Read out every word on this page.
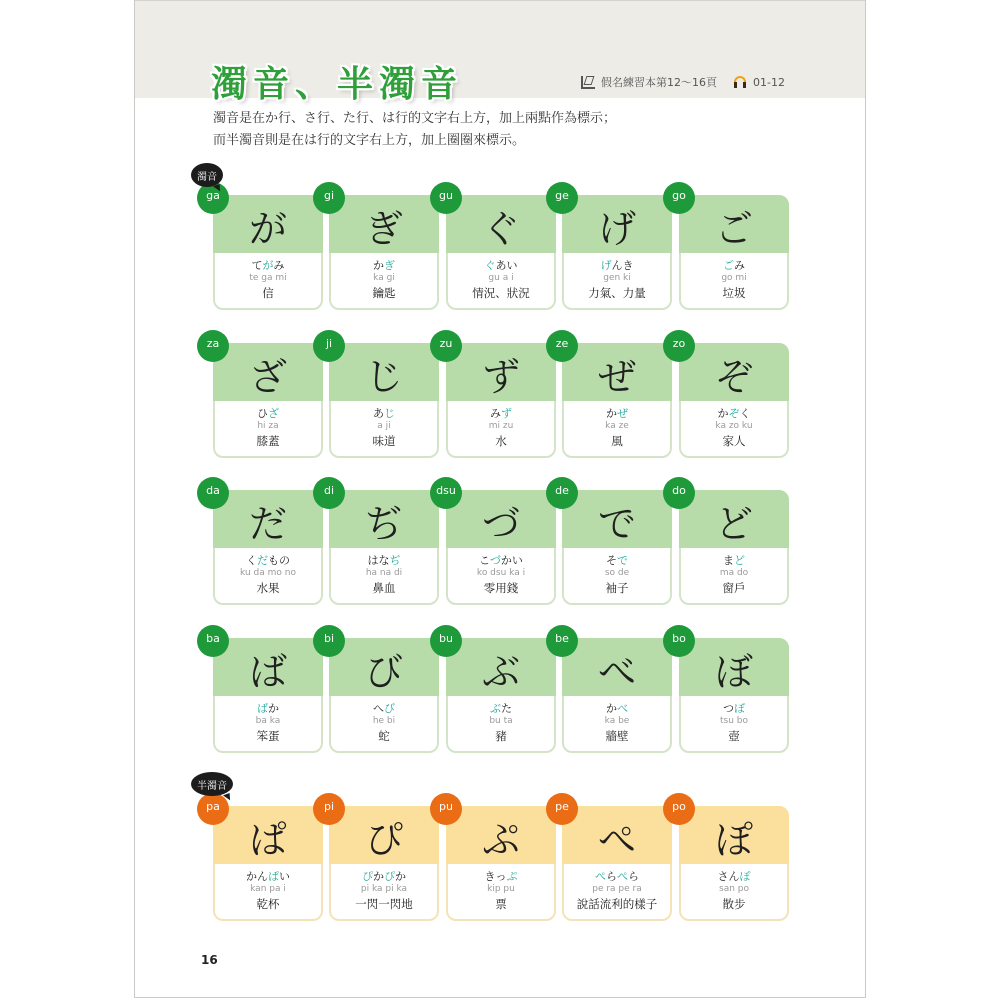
濁音、半濁音	假名練習本第12～16頁	01-12
濁音是在か行、さ行、た行、は行的文字右上方，加上兩點作為標示；
而半濁音則是在は行的文字右上方，加上圈圈來標示。
が
ga
てがみ
te ga mi
信
ぎ
gi
かぎ
ka gi
鑰匙
ぐ
gu
ぐあい
gu a i
情況、狀況
げ
ge
げんき
gen ki
力氣、力量
ご
go
ごみ
go mi
垃圾
ざ
za
ひざ
hi za
膝蓋
じ
ji
あじ
a ji
味道
ず
zu
みず
mi zu
水
ぜ
ze
かぜ
ka ze
風
ぞ
zo
かぞく
ka zo ku
家人
だ
da
くだもの
ku da mo no
水果
ぢ
di
はなぢ
ha na di
鼻血
づ
dsu
こづかい
ko dsu ka i
零用錢
で
de
そで
so de
袖子
ど
do
まど
ma do
窗戶
ば
ba
ばか
ba ka
笨蛋
び
bi
へび
he bi
蛇
ぶ
bu
ぶた
bu ta
豬
べ
be
かべ
ka be
牆壁
ぼ
bo
つぼ
tsu bo
壺
ぱ
pa
かんぱい
kan pa i
乾杯
ぴ
pi
ぴかぴか
pi ka pi ka
一閃一閃地
ぷ
pu
きっぷ
kip pu
票
ぺ
pe
ぺらぺら
pe ra pe ra
說話流利的樣子
ぽ
po
さんぽ
san po
散步
濁音
半濁音
16
